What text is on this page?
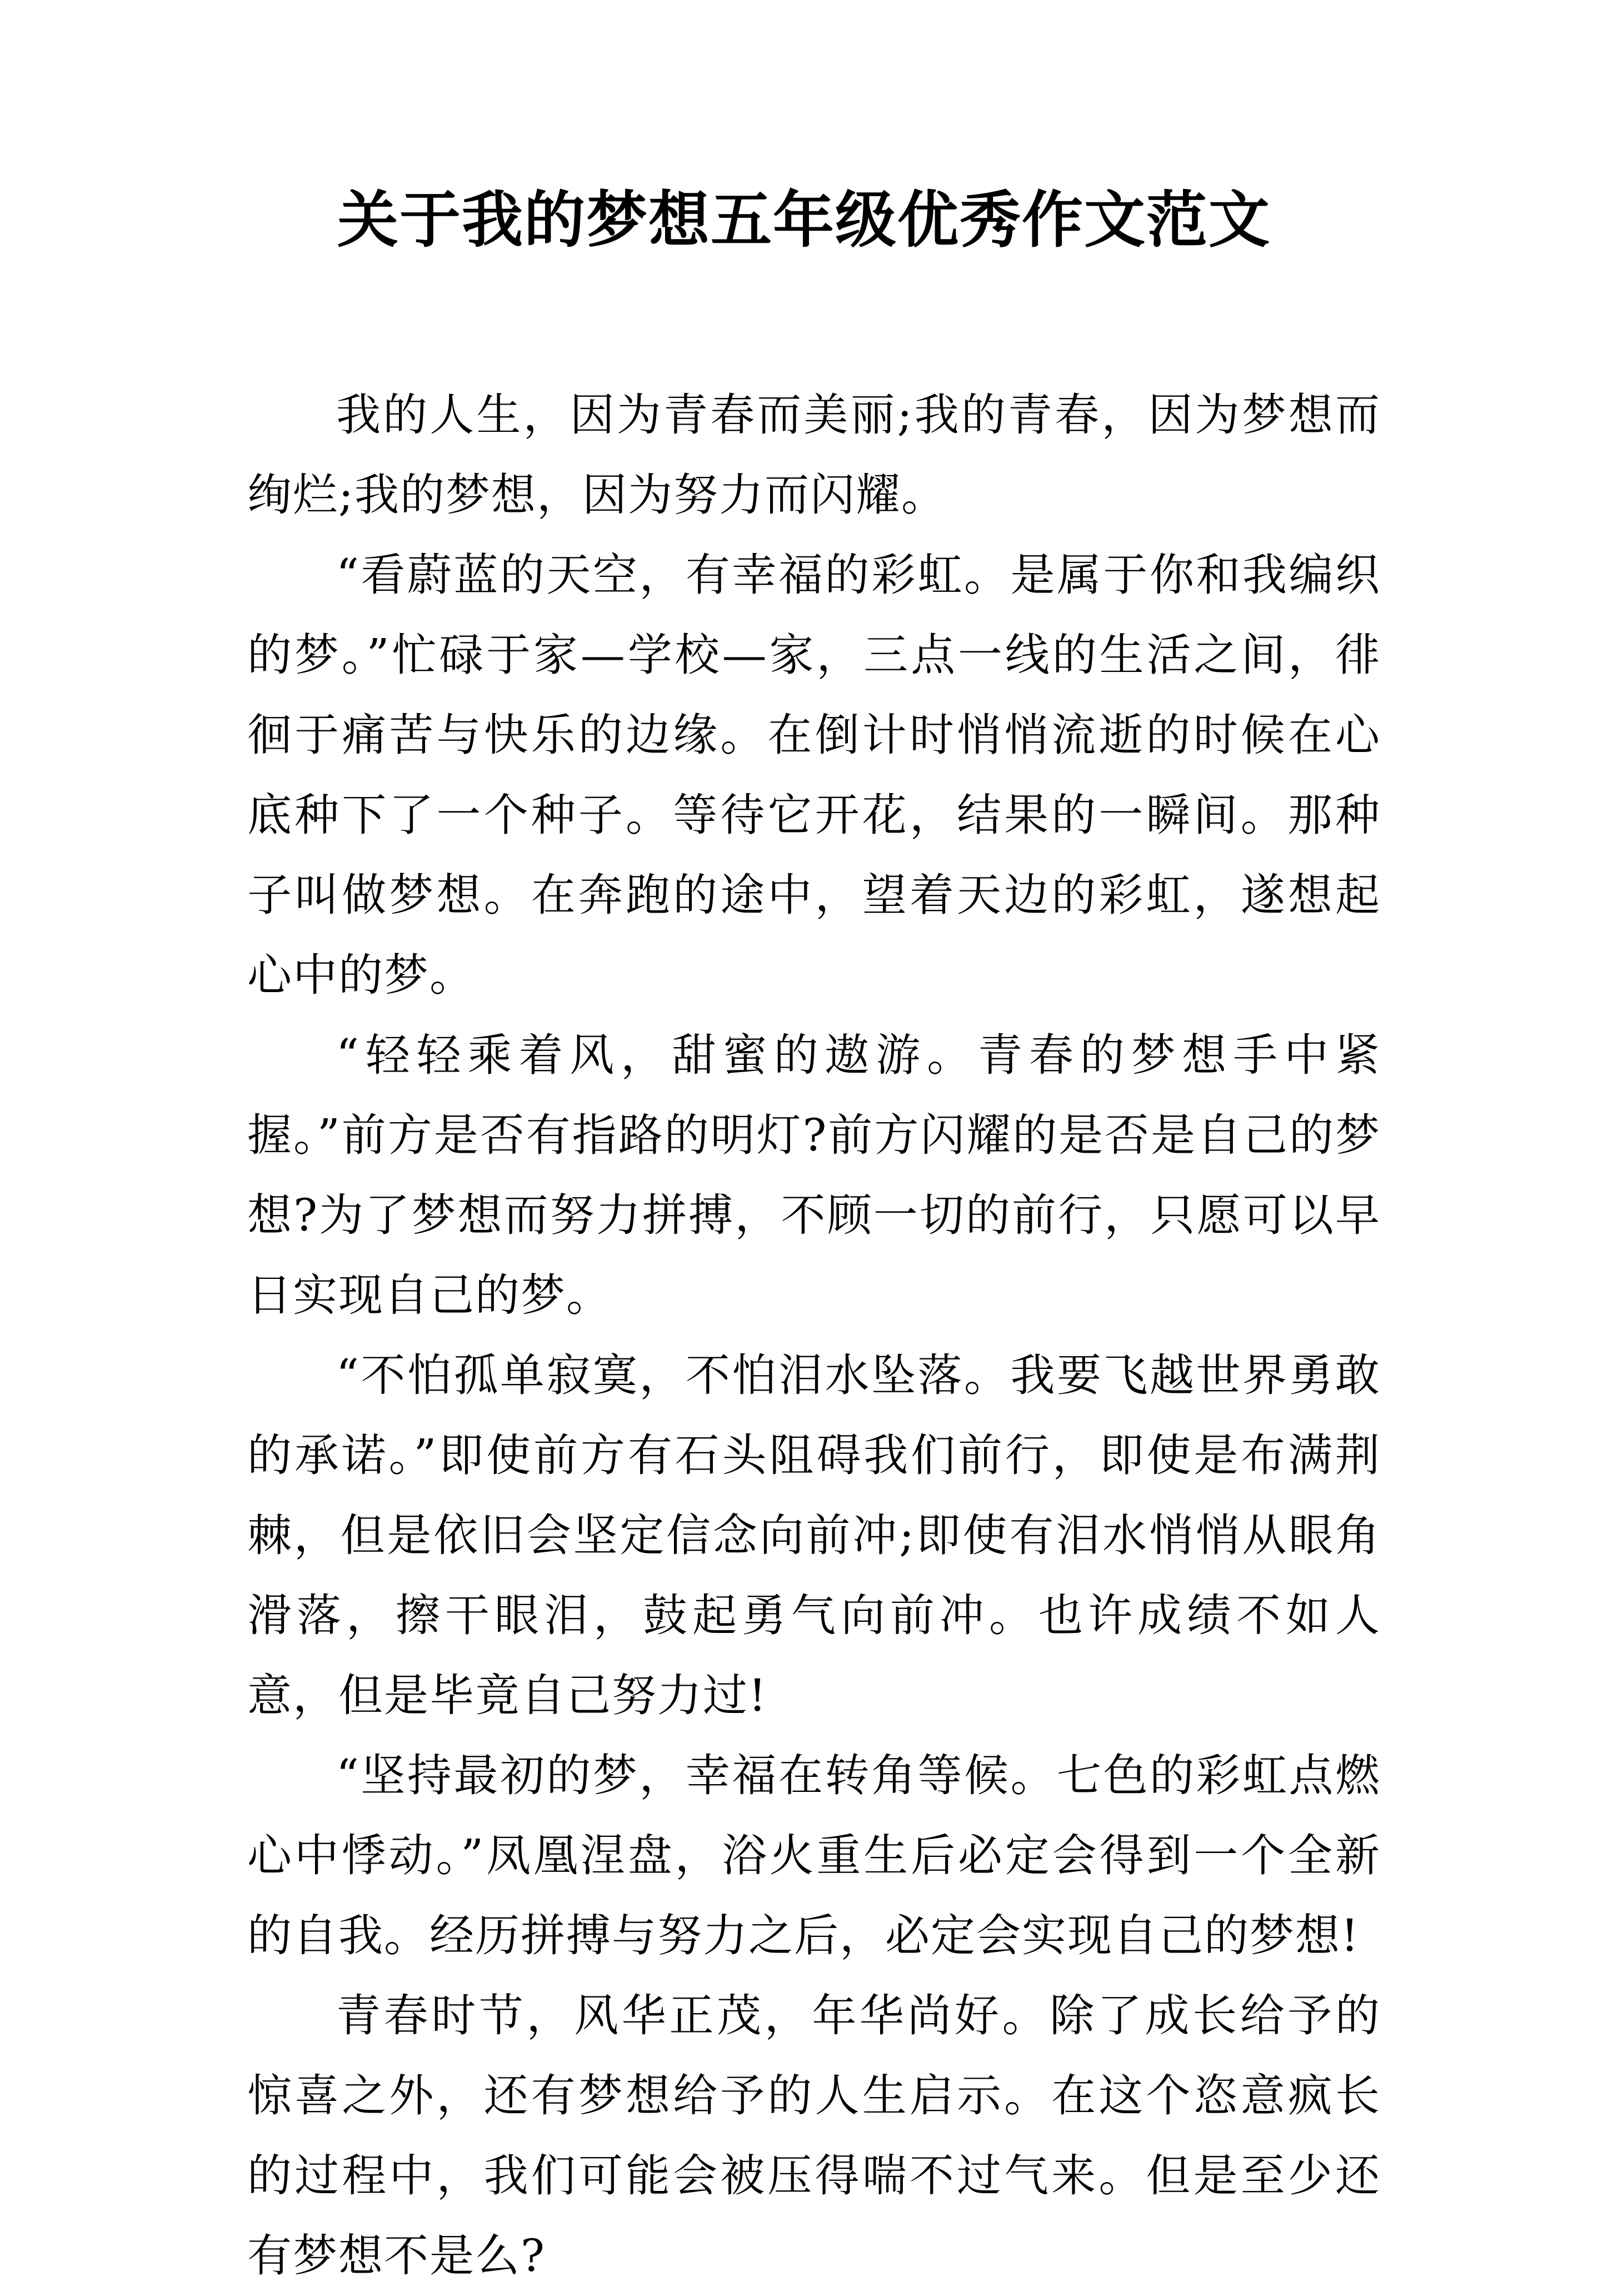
关于我的梦想五年级优秀作文范文

我的人生，因为青春而美丽;我的青春，因为梦想而绚烂;我的梦想，因为努力而闪耀。

“看蔚蓝的天空，有幸福的彩虹。是属于你和我编织的梦。”忙碌于家—学校—家，三点一线的生活之间，徘徊于痛苦与快乐的边缘。在倒计时悄悄流逝的时候在心底种下了一个种子。等待它开花，结果的一瞬间。那种子叫做梦想。在奔跑的途中，望着天边的彩虹，遂想起心中的梦。

“轻轻乘着风，甜蜜的遨游。青春的梦想手中紧握。”前方是否有指路的明灯?前方闪耀的是否是自己的梦想?为了梦想而努力拼搏，不顾一切的前行，只愿可以早日实现自己的梦。

“不怕孤单寂寞，不怕泪水坠落。我要飞越世界勇敢的承诺。”即使前方有石头阻碍我们前行，即使是布满荆棘，但是依旧会坚定信念向前冲;即使有泪水悄悄从眼角滑落，擦干眼泪，鼓起勇气向前冲。也许成绩不如人意，但是毕竟自己努力过!

“坚持最初的梦，幸福在转角等候。七色的彩虹点燃心中悸动。”凤凰涅盘，浴火重生后必定会得到一个全新的自我。经历拼搏与努力之后，必定会实现自己的梦想!

青春时节，风华正茂，年华尚好。除了成长给予的惊喜之外，还有梦想给予的人生启示。在这个恣意疯长的过程中，我们可能会被压得喘不过气来。但是至少还有梦想不是么?
